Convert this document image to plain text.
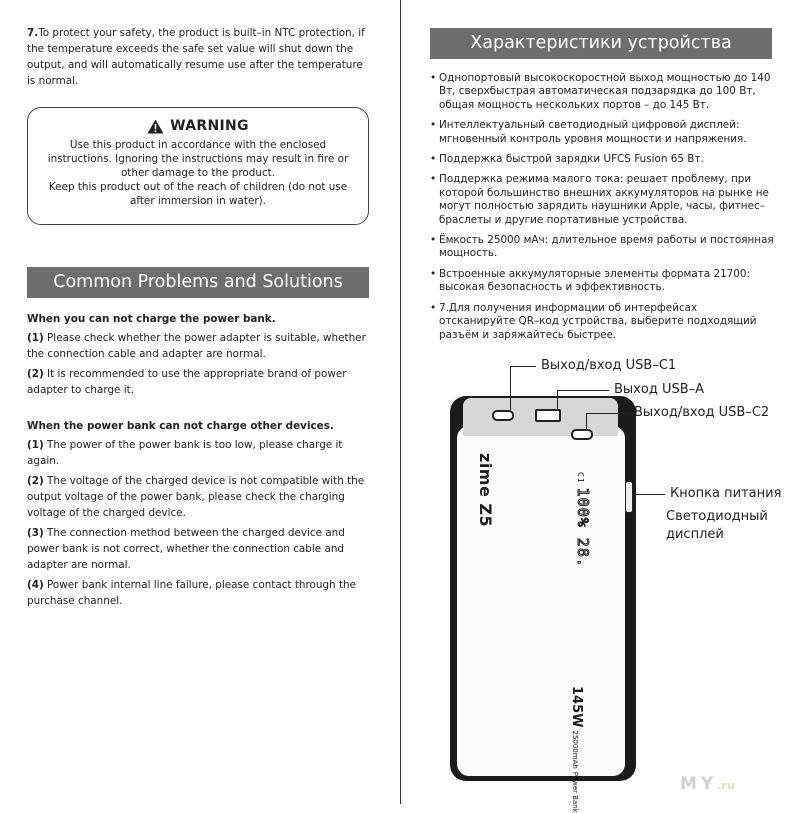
7.To protect your safety, the product is built–in NTC protection, if the temperature exceeds the safe set value will shut down the output, and will automatically resume use after the temperature is normal.
WARNING
Use this product in accordance with the enclosed instructions. Ignoring the instructions may result in fire or other damage to the product.
Keep this product out of the reach of children (do not use after immersion in water).
Common Problems and Solutions
When you can not charge the power bank.
(1) Please check whether the power adapter is suitable, whether the connection cable and adapter are normal.
(2) It is recommended to use the appropriate brand of power adapter to charge it.
When the power bank can not charge other devices.
(1) The power of the power bank is too low, please charge it again.
(2) The voltage of the charged device is not compatible with the output voltage of the power bank, please check the charging voltage of the charged device.
(3) The connection method between the charged device and power bank is not correct, whether the connection cable and adapter are normal.
(4) Power bank internal line failure, please contact through the purchase channel.
Характеристики устройства
• Однопортовый высокоскоростной выход мощностью до 140 Вт, сверхбыстрая автоматическая подзарядка до 100 Вт, общая мощность нескольких портов – до 145 Вт.
• Интеллектуальный светодиодный цифровой дисплей: мгновенный контроль уровня мощности и напряжения.
• Поддержка быстрой зарядки UFCS Fusion 65 Вт.
• Поддержка режима малого тока: решает проблему, при которой большинство внешних аккумуляторов на рынке не могут полностью зарядить наушники Apple, часы, фитнес–браслеты и другие портативные устройства.
• Ёмкость 25000 мАч: длительное время работы и постоянная мощность.
• Встроенные аккумуляторные элементы формата 21700: высокая безопасность и эффективность.
• 7.Для получения информации об интерфейсах отсканируйте QR–код устройства, выберите подходящий разъём и заряжайтесь быстрее.
zime Z5	C1100% 28.
145W25000mAhPower Bank
Выход/вход USB–C1
Выход USB–A
Выход/вход USB–C2
Кнопка питания
Светодиодный
дисплей
MY.ru
